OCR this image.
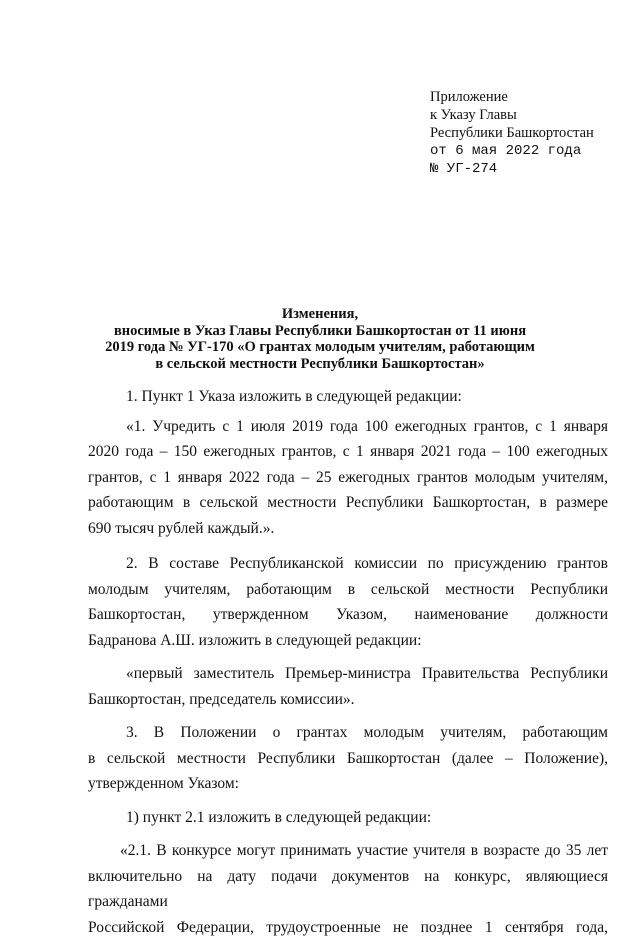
Приложение
к Указу Главы
Республики Башкортостан
от 6 мая 2022 года
№ УГ-274
Изменения,
вносимые в Указ Главы Республики Башкортостан от 11 июня
2019 года № УГ-170 «О грантах молодым учителям, работающим
в сельской местности Республики Башкортостан»

1. Пункт 1 Указа изложить в следующей редакции:

«1. Учредить с 1 июля 2019 года 100 ежегодных грантов, с 1 января
2020 года – 150 ежегодных грантов, с 1 января 2021 года – 100 ежегодных
грантов, с 1 января 2022 года – 25 ежегодных грантов молодым учителям,
работающим в сельской местности Республики Башкортостан, в размере
690 тысяч рублей каждый.».

2. В составе Республиканской комиссии по присуждению грантов
молодым учителям, работающим в сельской местности Республики
Башкортостан, утвержденном Указом, наименование должности
Бадранова А.Ш. изложить в следующей редакции:

«первый заместитель Премьер-министра Правительства Республики
Башкортостан, председатель комиссии».

3. В Положении о грантах молодым учителям, работающим
в сельской местности Республики Башкортостан (далее – Положение),
утвержденном Указом:

1) пункт 2.1 изложить в следующей редакции:

«2.1. В конкурсе могут принимать участие учителя в возрасте до 35 лет
включительно на дату подачи документов на конкурс, являющиеся гражданами
Российской Федерации, трудоустроенные не позднее 1 сентября года,
